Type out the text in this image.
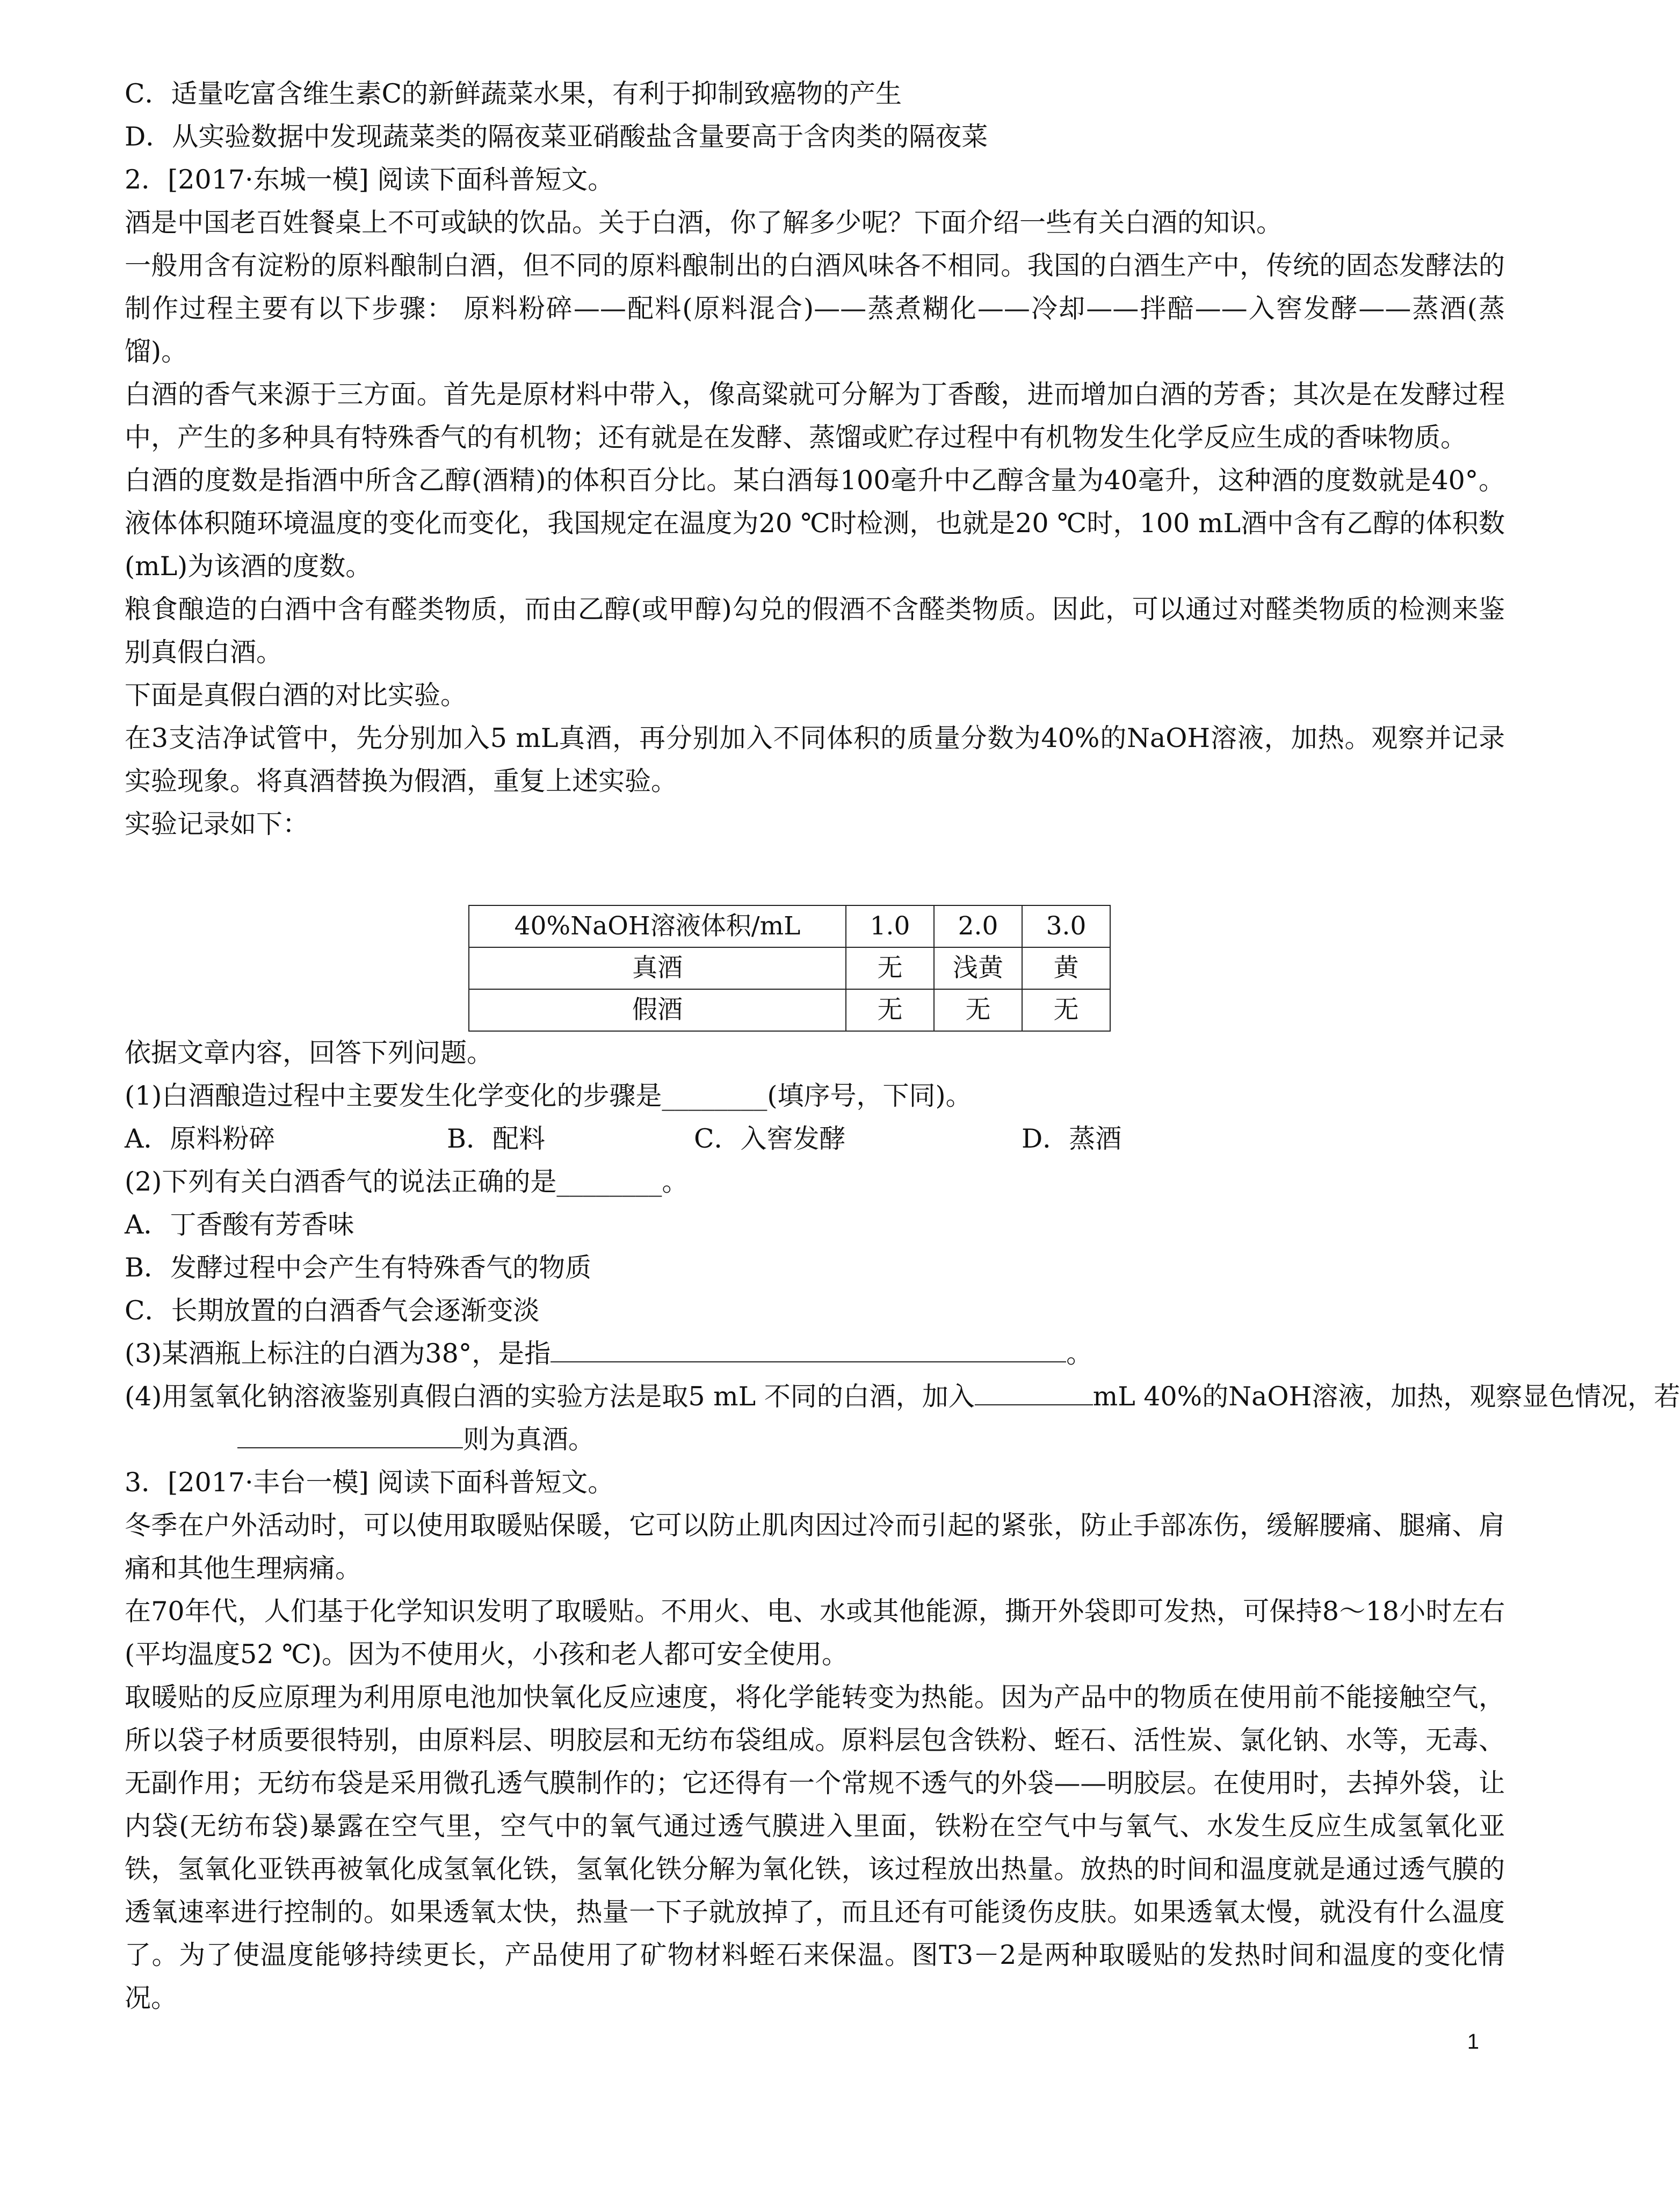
C．适量吃富含维生素C的新鲜蔬菜水果，有利于抑制致癌物的产生

D．从实验数据中发现蔬菜类的隔夜菜亚硝酸盐含量要高于含肉类的隔夜菜

2．[2017·东城一模] 阅读下面科普短文。

酒是中国老百姓餐桌上不可或缺的饮品。关于白酒，你了解多少呢？下面介绍一些有关白酒的知识。

一般用含有淀粉的原料酿制白酒，但不同的原料酿制出的白酒风味各不相同。我国的白酒生产中，传统的固态发酵法的制作过程主要有以下步骤： 原料粉碎——配料(原料混合)——蒸煮糊化——冷却——拌醅——入窖发酵——蒸酒(蒸馏)。

白酒的香气来源于三方面。首先是原材料中带入，像高粱就可分解为丁香酸，进而增加白酒的芳香；其次是在发酵过程中，产生的多种具有特殊香气的有机物；还有就是在发酵、蒸馏或贮存过程中有机物发生化学反应生成的香味物质。

白酒的度数是指酒中所含乙醇(酒精)的体积百分比。某白酒每100毫升中乙醇含量为40毫升，这种酒的度数就是40°。液体体积随环境温度的变化而变化，我国规定在温度为20 ℃时检测，也就是20 ℃时，100 mL酒中含有乙醇的体积数(mL)为该酒的度数。

粮食酿造的白酒中含有醛类物质，而由乙醇(或甲醇)勾兑的假酒不含醛类物质。因此，可以通过对醛类物质的检测来鉴别真假白酒。

下面是真假白酒的对比实验。

在3支洁净试管中，先分别加入5 mL真酒，再分别加入不同体积的质量分数为40%的NaOH溶液，加热。观察并记录实验现象。将真酒替换为假酒，重复上述实验。

实验记录如下：

40%NaOH溶液体积/mL	1.0	2.0	3.0
真酒	无	浅黄	黄
假酒	无	无	无

依据文章内容，回答下列问题。

(1)白酒酿造过程中主要发生化学变化的步骤是________(填序号，下同)。

A．原料粉碎	B．配料	C．入窖发酵	D．蒸酒

(2)下列有关白酒香气的说法正确的是________。

A．丁香酸有芳香味

B．发酵过程中会产生有特殊香气的物质

C．长期放置的白酒香气会逐渐变淡

(3)某酒瓶上标注的白酒为38°，是指	。

(4)用氢氧化钠溶液鉴别真假白酒的实验方法是取5 mL 不同的白酒，加入	mL 40%的NaOH溶液，加热，观察显色情况，若

则为真酒。

3．[2017·丰台一模] 阅读下面科普短文。

冬季在户外活动时，可以使用取暖贴保暖，它可以防止肌肉因过冷而引起的紧张，防止手部冻伤，缓解腰痛、腿痛、肩痛和其他生理病痛。

在70年代，人们基于化学知识发明了取暖贴。不用火、电、水或其他能源，撕开外袋即可发热，可保持8～18小时左右(平均温度52 ℃)。因为不使用火，小孩和老人都可安全使用。

取暖贴的反应原理为利用原电池加快氧化反应速度，将化学能转变为热能。因为产品中的物质在使用前不能接触空气，所以袋子材质要很特别，由原料层、明胶层和无纺布袋组成。原料层包含铁粉、蛭石、活性炭、氯化钠、水等，无毒、无副作用；无纺布袋是采用微孔透气膜制作的；它还得有一个常规不透气的外袋——明胶层。在使用时，去掉外袋，让内袋(无纺布袋)暴露在空气里，空气中的氧气通过透气膜进入里面，铁粉在空气中与氧气、水发生反应生成氢氧化亚铁，氢氧化亚铁再被氧化成氢氧化铁，氢氧化铁分解为氧化铁，该过程放出热量。放热的时间和温度就是通过透气膜的透氧速率进行控制的。如果透氧太快，热量一下子就放掉了，而且还有可能烫伤皮肤。如果透氧太慢，就没有什么温度了。为了使温度能够持续更长，产品使用了矿物材料蛭石来保温。图T3－2是两种取暖贴的发热时间和温度的变化情况。

1
